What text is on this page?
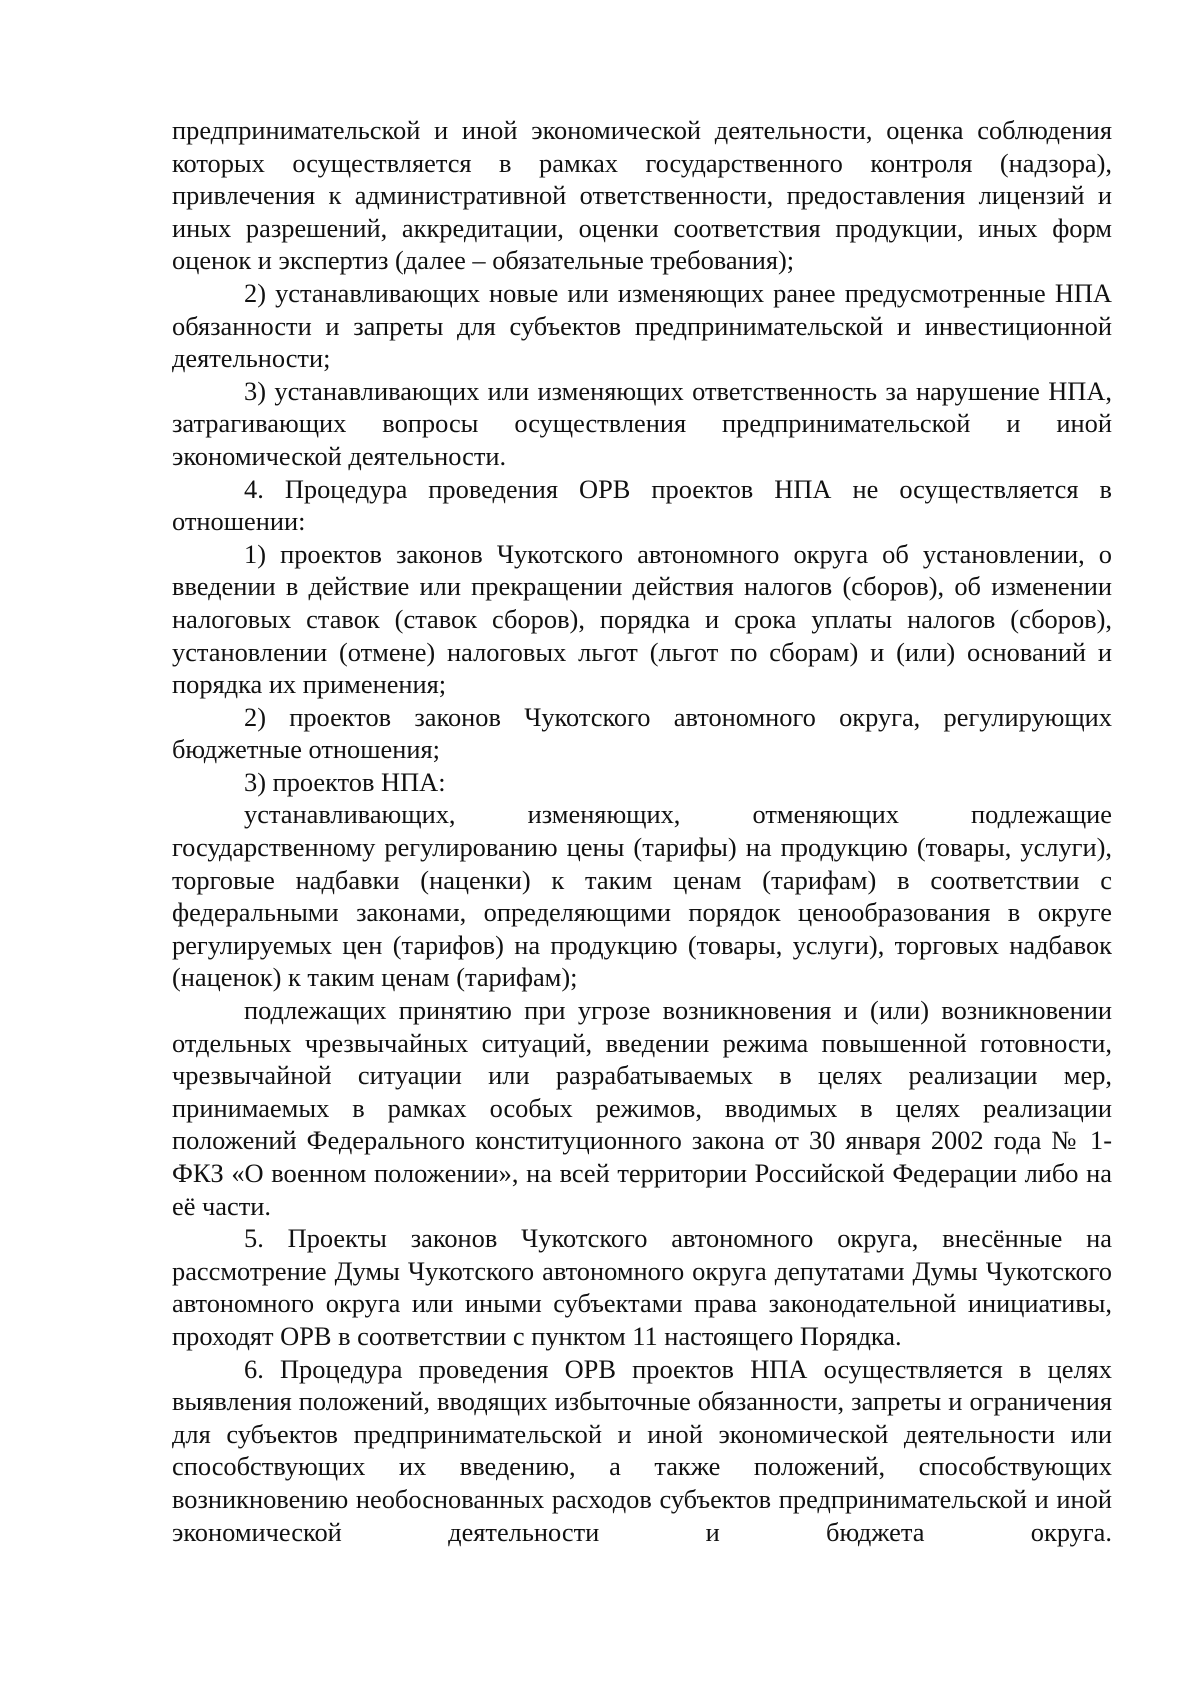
предпринимательской и иной экономической деятельности, оценка соблюдения которых осуществляется в рамках государственного контроля (надзора), привлечения к административной ответственности, предоставления лицензий и иных разрешений, аккредитации, оценки соответствия продукции, иных форм оценок и экспертиз (далее – обязательные требования);

2) устанавливающих новые или изменяющих ранее предусмотренные НПА обязанности и запреты для субъектов предпринимательской и инвестиционной деятельности;

3) устанавливающих или изменяющих ответственность за нарушение НПА, затрагивающих вопросы осуществления предпринимательской и иной экономической деятельности.

4. Процедура проведения ОРВ проектов НПА не осуществляется в отношении:

1) проектов законов Чукотского автономного округа об установлении, о введении в действие или прекращении действия налогов (сборов), об изменении налоговых ставок (ставок сборов), порядка и срока уплаты налогов (сборов), установлении (отмене) налоговых льгот (льгот по сборам) и (или) оснований и порядка их применения;

2) проектов законов Чукотского автономного округа, регулирующих бюджетные отношения;

3) проектов НПА:

устанавливающих, изменяющих, отменяющих подлежащие государственному регулированию цены (тарифы) на продукцию (товары, услуги), торговые надбавки (наценки) к таким ценам (тарифам) в соответствии с федеральными законами, определяющими порядок ценообразования в округе регулируемых цен (тарифов) на продукцию (товары, услуги), торговых надбавок (наценок) к таким ценам (тарифам);

подлежащих принятию при угрозе возникновения и (или) возникновении отдельных чрезвычайных ситуаций, введении режима повышенной готовности, чрезвычайной ситуации или разрабатываемых в целях реализации мер, принимаемых в рамках особых режимов, вводимых в целях реализации положений Федерального конституционного закона от 30 января 2002 года № 1-ФКЗ «О военном положении», на всей территории Российской Федерации либо на её части.

5. Проекты законов Чукотского автономного округа, внесённые на рассмотрение Думы Чукотского автономного округа депутатами Думы Чукотского автономного округа или иными субъектами права законодательной инициативы, проходят ОРВ в соответствии с пунктом 11 настоящего Порядка.

6. Процедура проведения ОРВ проектов НПА осуществляется в целях выявления положений, вводящих избыточные обязанности, запреты и ограничения для субъектов предпринимательской и иной экономической деятельности или способствующих их введению, а также положений, способствующих возникновению необоснованных расходов субъектов предпринимательской и иной экономической деятельности и бюджета округа.
